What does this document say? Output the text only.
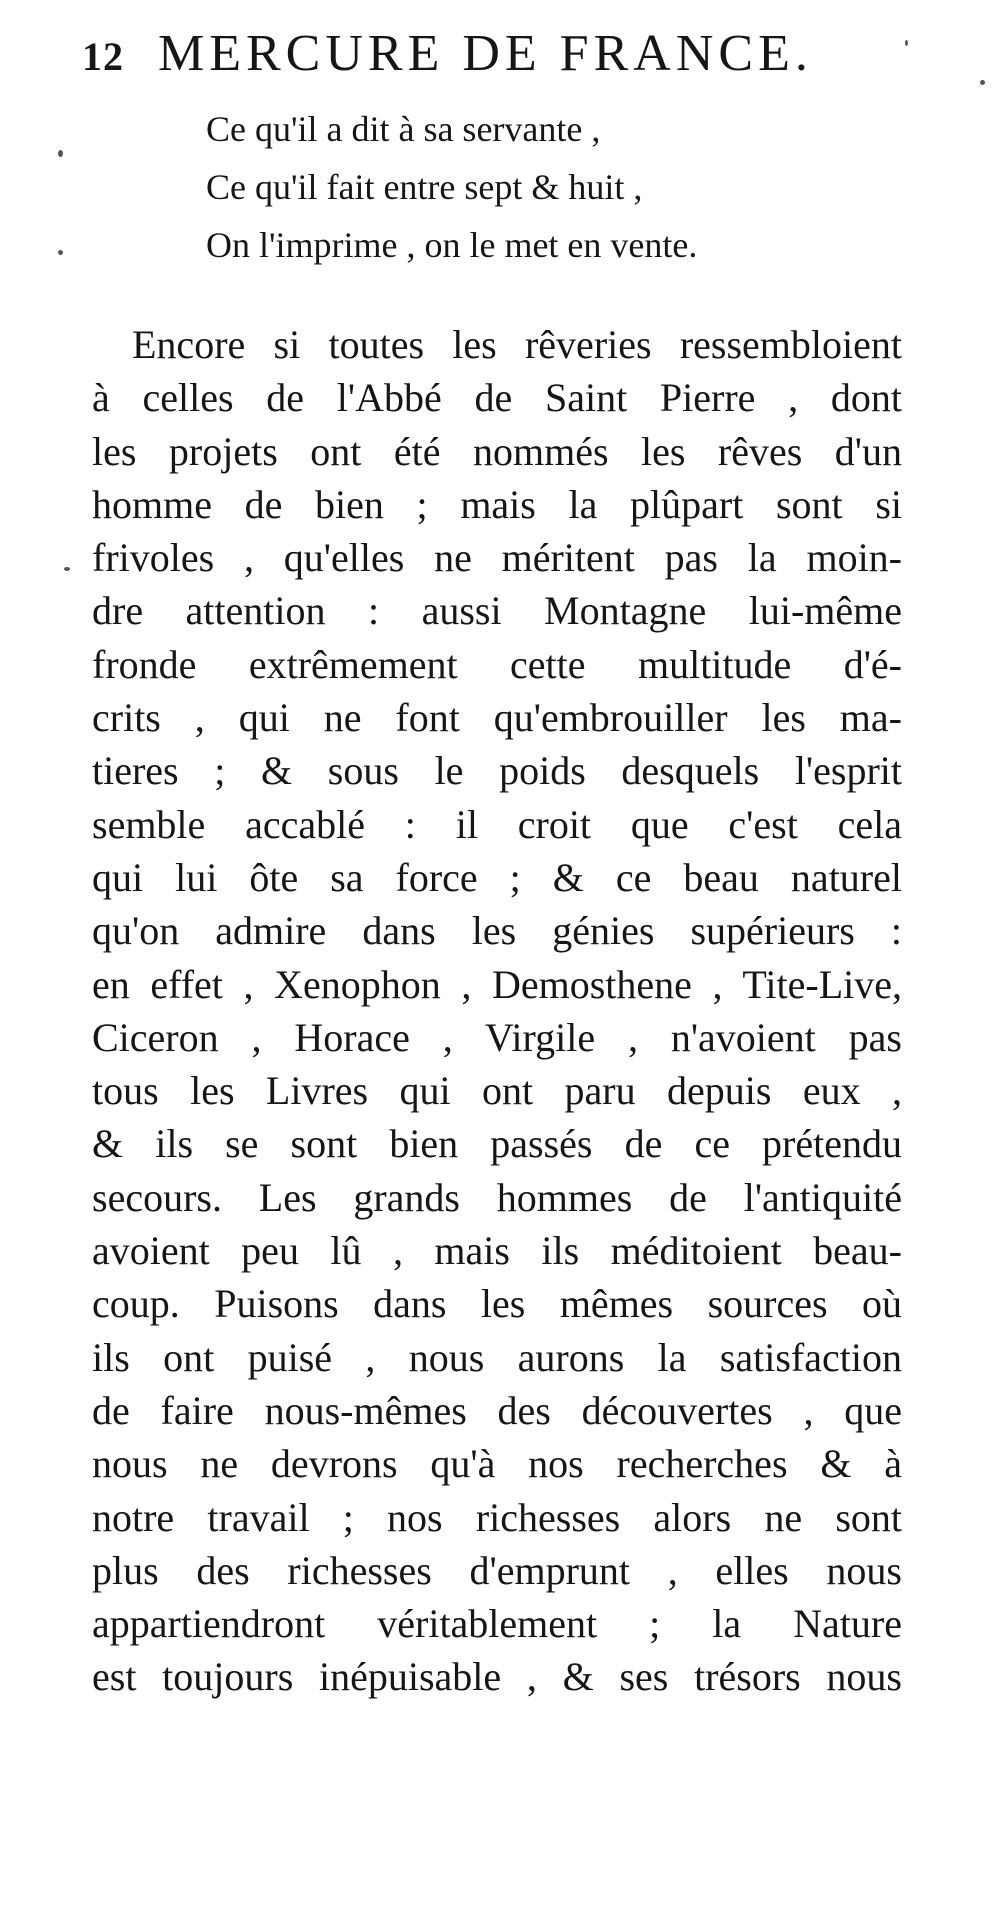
12 MERCURE DE FRANCE.
Ce qu'il a dit à sa servante ,
Ce qu'il fait entre sept & huit ,
On l'imprime , on le met en vente.
Encore si toutes les rêveries ressembloient
à celles de l'Abbé de Saint Pierre , dont
les projets ont été nommés les rêves d'un
homme de bien ; mais la plûpart sont si
frivoles , qu'elles ne méritent pas la moin-
dre attention : aussi Montagne lui-même
fronde extrêmement cette multitude d'é-
crits , qui ne font qu'embrouiller les ma-
tieres ; & sous le poids desquels l'esprit
semble accablé : il croit que c'est cela
qui lui ôte sa force ; & ce beau naturel
qu'on admire dans les génies supérieurs :
en effet , Xenophon , Demosthene , Tite-Live,
Ciceron , Horace , Virgile , n'avoient pas
tous les Livres qui ont paru depuis eux ,
& ils se sont bien passés de ce prétendu
secours. Les grands hommes de l'antiquité
avoient peu lû , mais ils méditoient beau-
coup. Puisons dans les mêmes sources où
ils ont puisé , nous aurons la satisfaction
de faire nous-mêmes des découvertes , que
nous ne devrons qu'à nos recherches & à
notre travail ; nos richesses alors ne sont
plus des richesses d'emprunt , elles nous
appartiendront véritablement ; la Nature
est toujours inépuisable , & ses trésors nous
